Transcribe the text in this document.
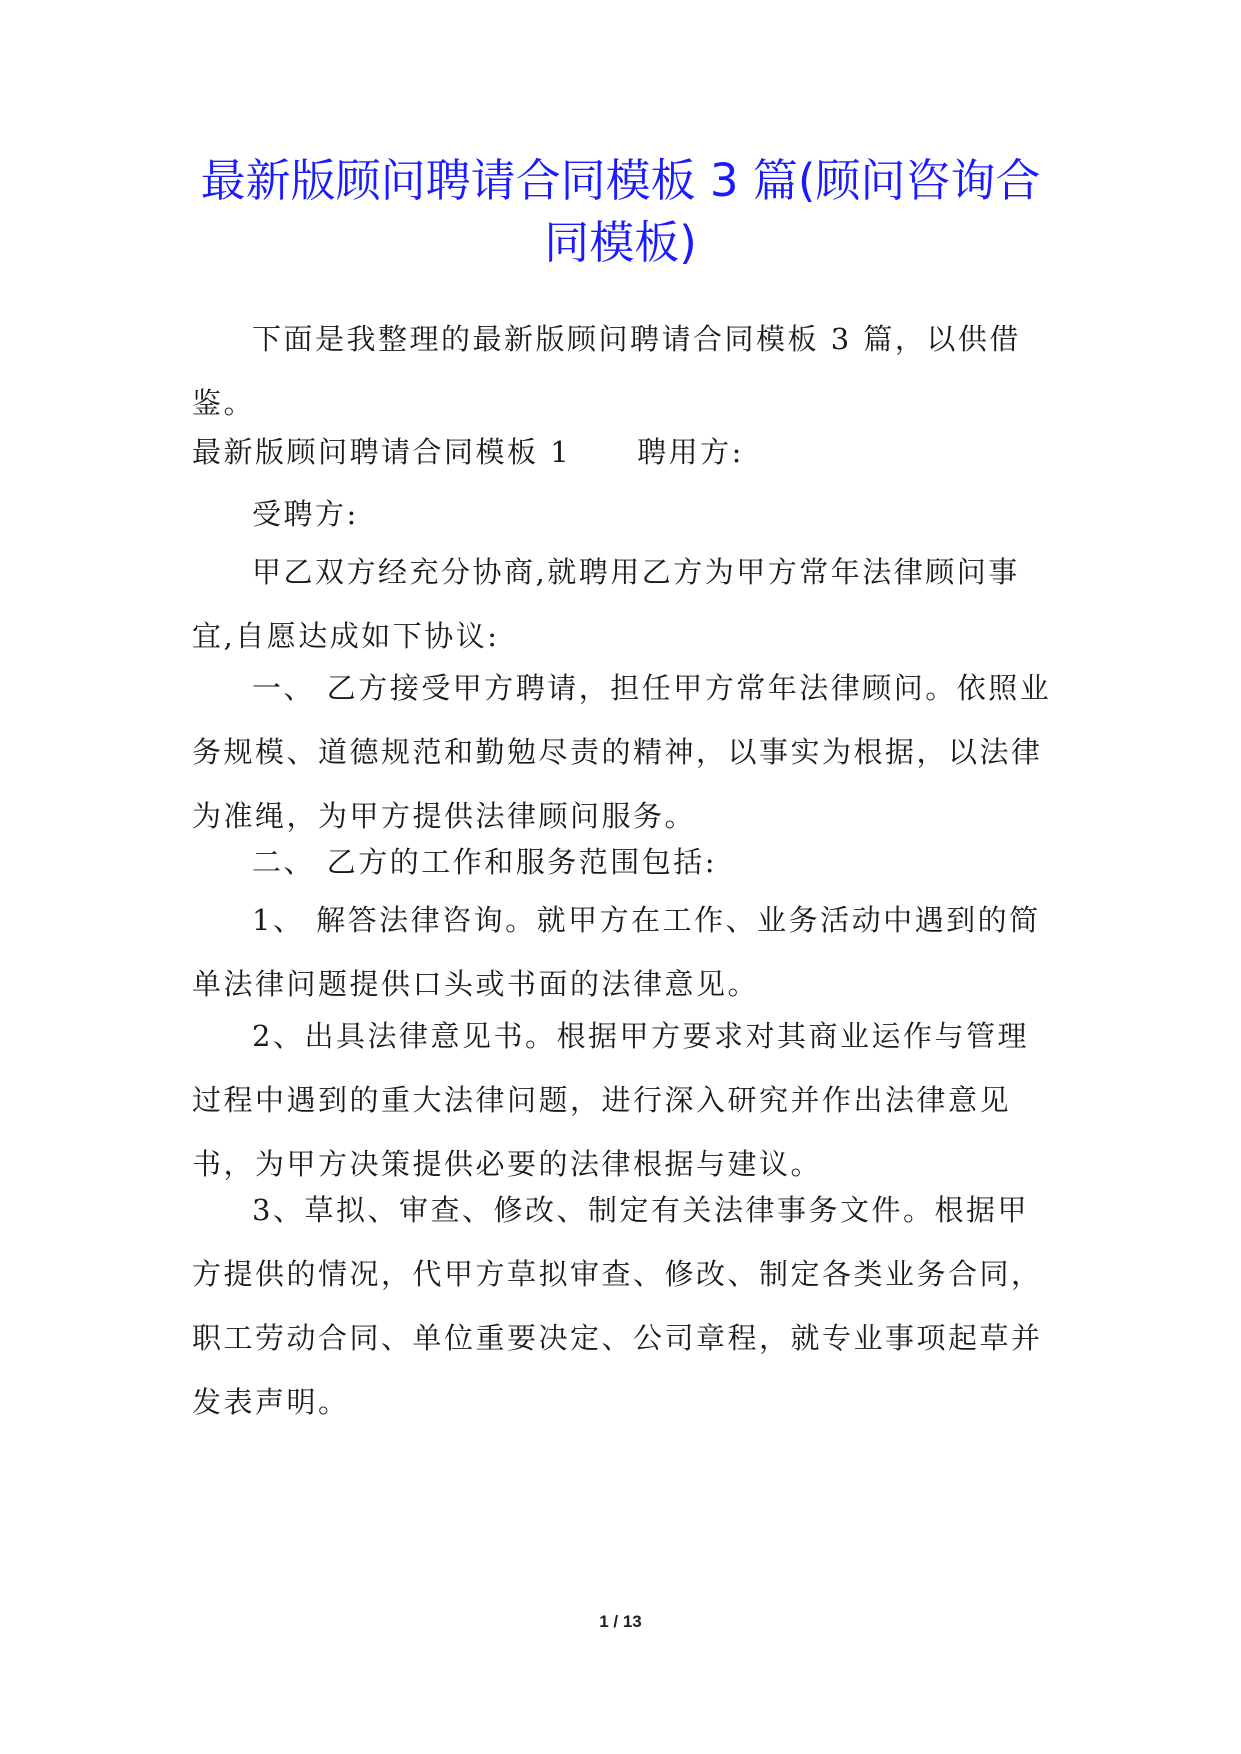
最新版顾问聘请合同模板 3 篇(顾问咨询合
同模板)

下面是我整理的最新版顾问聘请合同模板 3 篇，以供借鉴。

最新版顾问聘请合同模板 1 聘用方:

受聘方:

甲乙双方经充分协商,就聘用乙方为甲方常年法律顾问事宜,自愿达成如下协议:

一、 乙方接受甲方聘请，担任甲方常年法律顾问。依照业务规模、道德规范和勤勉尽责的精神，以事实为根据，以法律为准绳，为甲方提供法律顾问服务。

二、 乙方的工作和服务范围包括:

1、 解答法律咨询。就甲方在工作、业务活动中遇到的简单法律问题提供口头或书面的法律意见。

2、出具法律意见书。根据甲方要求对其商业运作与管理过程中遇到的重大法律问题，进行深入研究并作出法律意见书，为甲方决策提供必要的法律根据与建议。

3、草拟、审查、修改、制定有关法律事务文件。根据甲方提供的情况，代甲方草拟审查、修改、制定各类业务合同，职工劳动合同、单位重要决定、公司章程，就专业事项起草并发表声明。

1 / 13
